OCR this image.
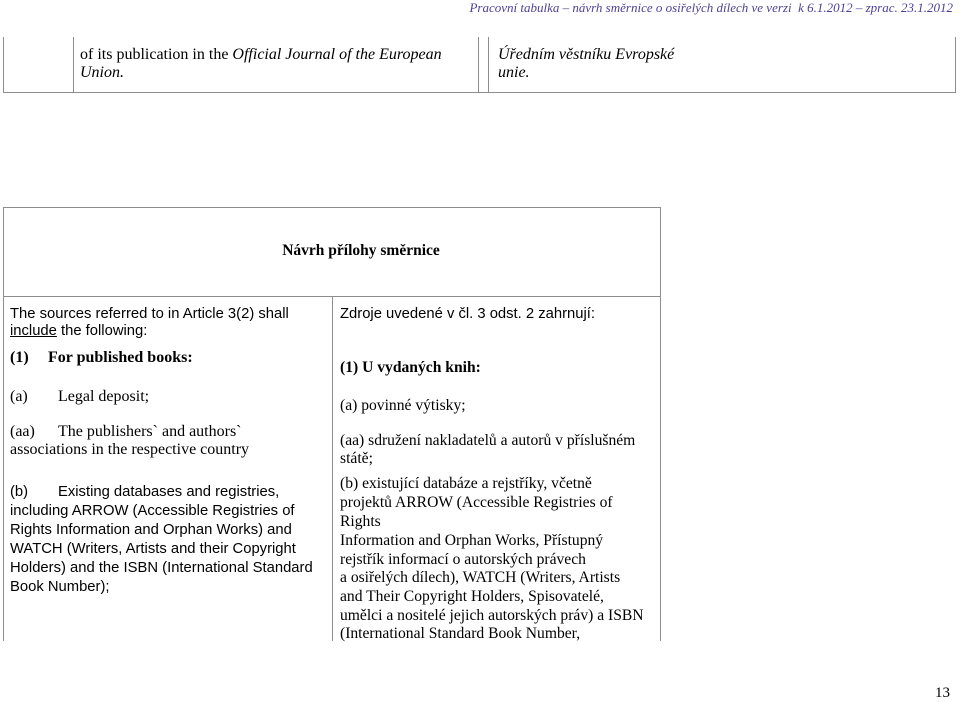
Pracovní tabulka – návrh směrnice o osiřelých dílech ve verzi  k 6.1.2012 – zprac. 23.1.2012
of its publication in the Official Journal of the European
Union.
Úředním věstníku Evropské
unie.
Návrh přílohy směrnice
The sources referred to in Article 3(2) shall
include the following:
(1) For published books:
(a) Legal deposit;
(aa) The publishers` and authors`
associations in the respective country
(b) Existing databases and registries,
including ARROW (Accessible Registries of
Rights Information and Orphan Works) and
WATCH (Writers, Artists and their Copyright
Holders) and the ISBN (International Standard
Book Number);
Zdroje uvedené v čl. 3 odst. 2 zahrnují:
(1) U vydaných knih:
(a) povinné výtisky;
(aa) sdružení nakladatelů a autorů v příslušném
státě;
(b) existující databáze a rejstříky, včetně
projektů ARROW (Accessible Registries of
Rights
Information and Orphan Works, Přístupný
rejstřík informací o autorských právech
a osiřelých dílech), WATCH (Writers, Artists
and Their Copyright Holders, Spisovatelé,
umělci a nositelé jejich autorských práv) a ISBN
(International Standard Book Number,
13
